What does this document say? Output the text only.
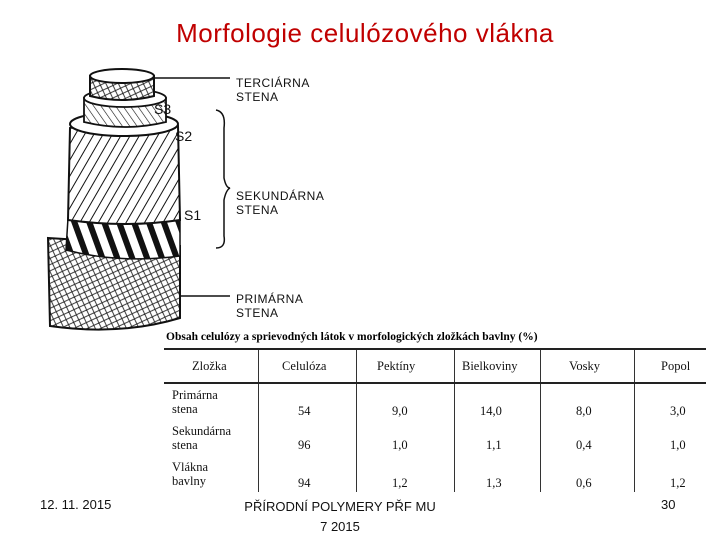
Morfologie celulózového vlákna
TERCIÁRNA
STENA
SEKUNDÁRNA
STENA
PRIMÁRNA
STENA
S3
S2
S1
Obsah celulózy a sprievodných látok v morfologických zložkách bavlny (%)
Zložka	Celulóza	Pektíny	Bielkoviny	Vosky	Popol
Primárna
stena	54	9,0	14,0	8,0	3,0
Sekundárna
stena	96	1,0	1,1	0,4	1,0
Vlákna
bavlny	94	1,2	1,3	0,6	1,2
12. 11. 2015	PŘÍRODNÍ POLYMERY PŘF MU
7 2015
30
